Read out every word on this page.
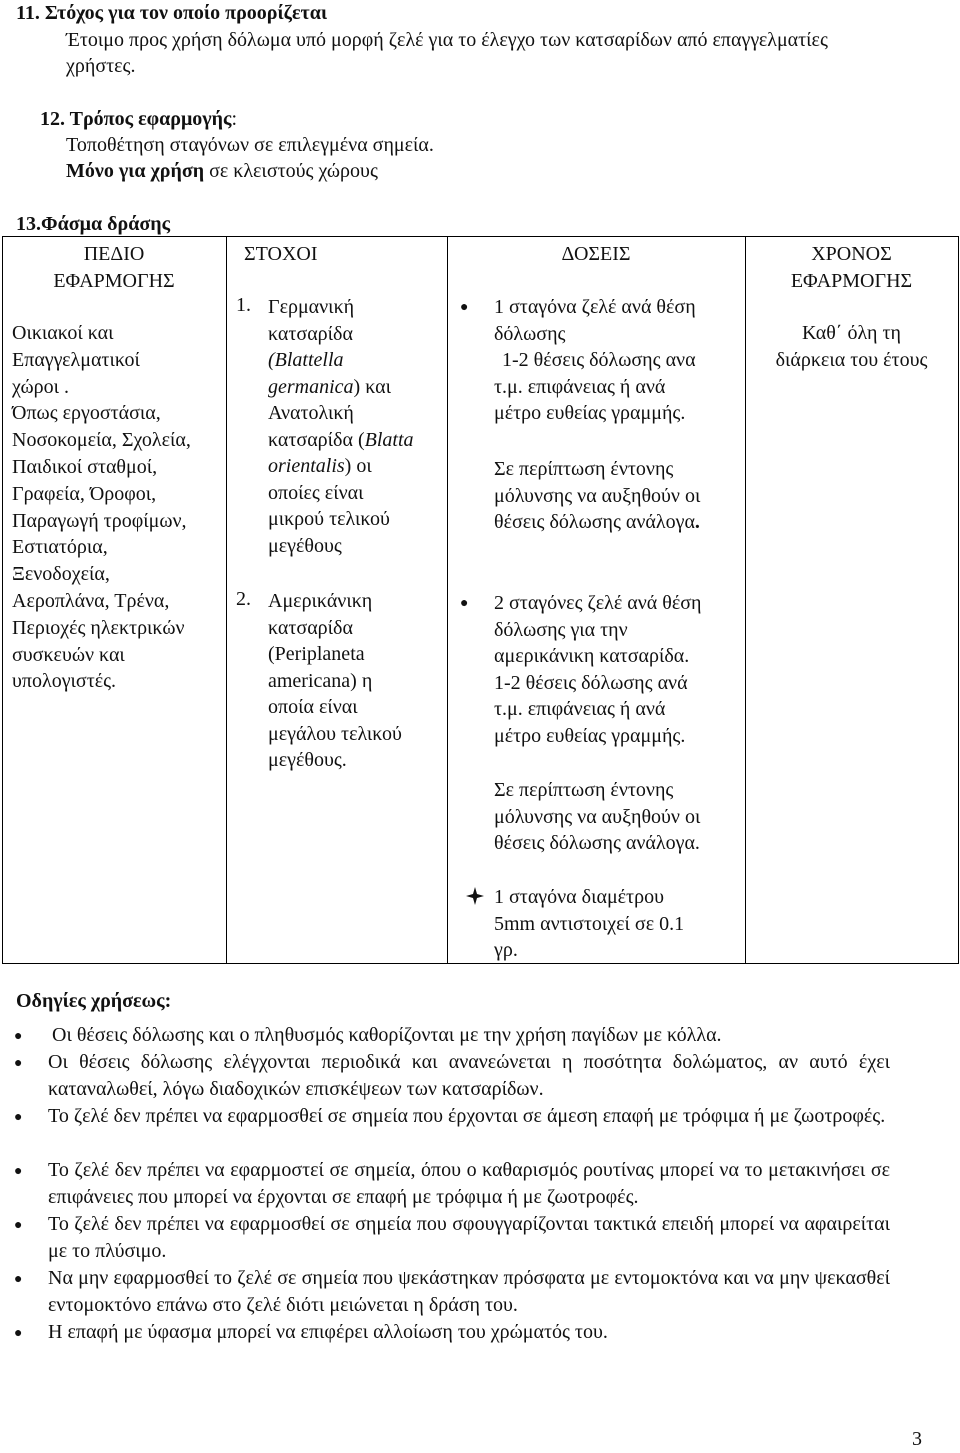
11. Στόχος για τον οποίο προορίζεται
Έτοιμο προς χρήση δόλωμα υπό μορφή ζελέ για το έλεγχο των κατσαρίδων από επαγγελματίες
χρήστες.
12. Τρόπος εφαρμογής:
Τοποθέτηση σταγόνων σε επιλεγμένα σημεία.
Μόνο για χρήση σε κλειστούς χώρους
13.Φάσμα δράσης
ΠΕΔΙΟ
ΕΦΑΡΜΟΓΗΣ
ΣΤΟΧΟΙ	ΔΟΣΕΙΣ	ΧΡΟΝΟΣ
ΕΦΑΡΜΟΓΗΣ
Οικιακοί και
Επαγγελματικοί
χώροι .
Όπως εργοστάσια,
Νοσοκομεία, Σχολεία,
Παιδικοί σταθμοί,
Γραφεία, Όροφοι,
Παραγωγή τροφίμων,
Εστιατόρια,
Ξενοδοχεία,
Αεροπλάνα, Τρένα,
Περιοχές ηλεκτρικών
συσκευών και
υπολογιστές.
1. Γερμανική
κατσαρίδα
(Blattella
germanica) και
Ανατολική
κατσαρίδα (Blatta
orientalis) οι
οποίες είναι
μικρού τελικού
μεγέθους
2. Αμερικάνικη
κατσαρίδα
(Periplaneta
americana) η
οποία είναι
μεγάλου τελικού
μεγέθους.
● 1 σταγόνα ζελέ ανά θέση
δόλωσης
1-2 θέσεις δόλωσης ανα
τ.μ. επιφάνειας ή ανά
μέτρο ευθείας γραμμής.
Σε περίπτωση έντονης
μόλυνσης να αυξηθούν οι
θέσεις δόλωσης ανάλογα.
● 2 σταγόνες ζελέ ανά θέση
δόλωσης για την
αμερικάνικη κατσαρίδα.
1-2 θέσεις δόλωσης ανά
τ.μ. επιφάνειας ή ανά
μέτρο ευθείας γραμμής.
Σε περίπτωση έντονης
μόλυνσης να αυξηθούν οι
θέσεις δόλωσης ανάλογα.
1 σταγόνα διαμέτρου
5mm αντιστοιχεί σε 0.1
γρ.
Καθ΄ όλη τη
διάρκεια του έτους
Οδηγίες χρήσεως:
● Οι θέσεις δόλωσης και ο πληθυσμός καθορίζονται με την χρήση παγίδων με κόλλα.
● Οι θέσεις δόλωσης ελέγχονται περιοδικά και ανανεώνεται η ποσότητα δολώματος, αν αυτό έχει καταναλωθεί, λόγω διαδοχικών επισκέψεων των κατσαρίδων.
● Το ζελέ δεν πρέπει να εφαρμοσθεί σε σημεία που έρχονται σε άμεση επαφή με τρόφιμα ή με ζωοτροφές.
● Το ζελέ δεν πρέπει να εφαρμοστεί σε σημεία, όπου ο καθαρισμός ρουτίνας μπορεί να το μετακινήσει σε επιφάνειες που μπορεί να έρχονται σε επαφή με τρόφιμα ή με ζωοτροφές.
● Το ζελέ δεν πρέπει να εφαρμοσθεί σε σημεία που σφουγγαρίζονται τακτικά επειδή μπορεί να αφαιρείται με το πλύσιμο.
● Να μην εφαρμοσθεί το ζελέ σε σημεία που ψεκάστηκαν πρόσφατα με εντομοκτόνα και να μην ψεκασθεί εντομοκτόνο επάνω στο ζελέ διότι μειώνεται η δράση του.
● Η επαφή με ύφασμα μπορεί να επιφέρει αλλοίωση του χρώματός του.
3
